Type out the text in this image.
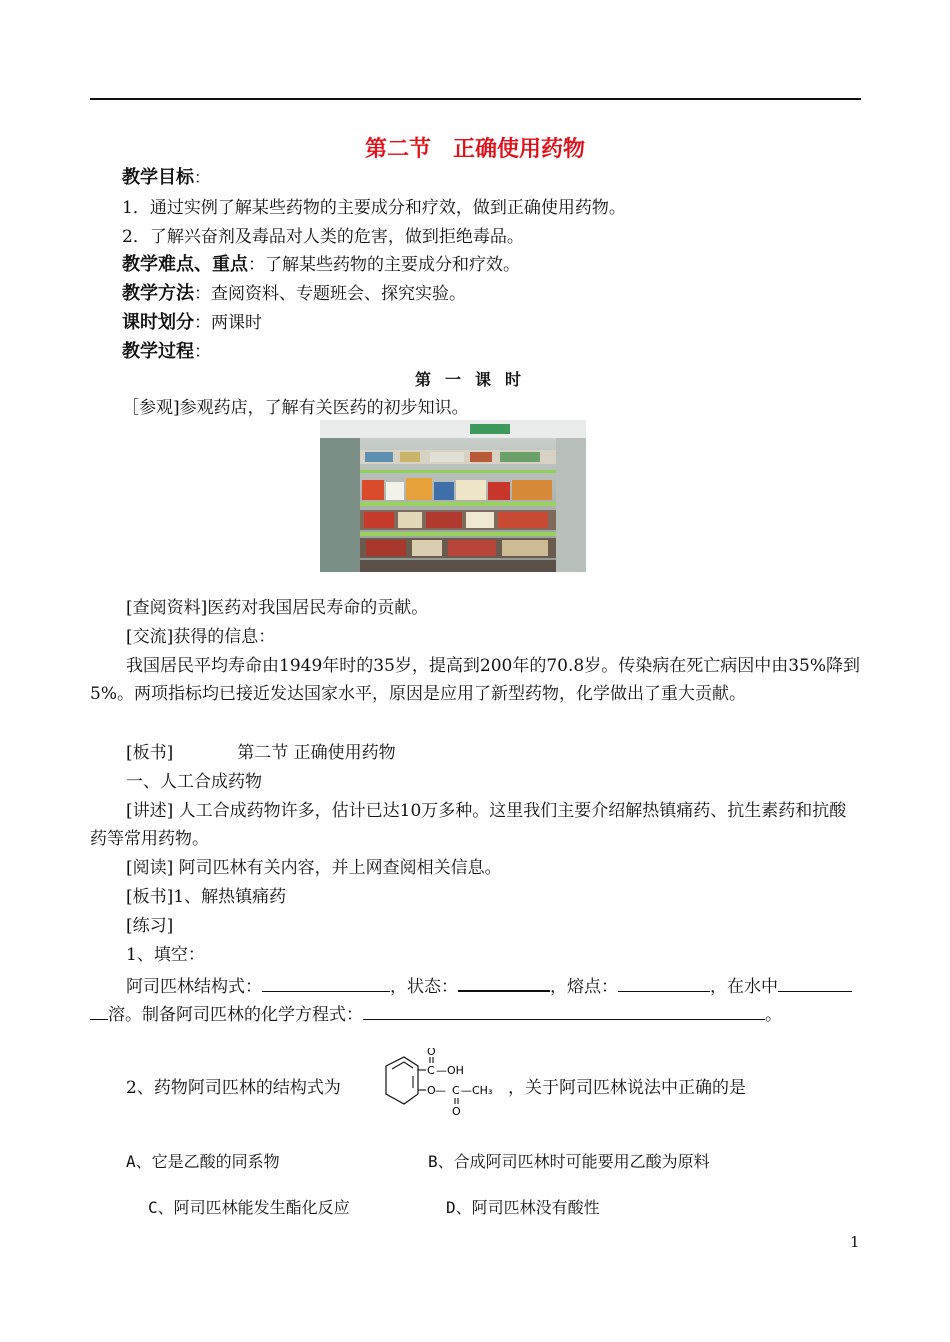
第二节　正确使用药物
教学目标：
1．通过实例了解某些药物的主要成分和疗效，做到正确使用药物。
2．了解兴奋剂及毒品对人类的危害，做到拒绝毒品。
教学难点、重点：了解某些药物的主要成分和疗效。
教学方法：查阅资料、专题班会、探究实验。
课时划分：两课时
教学过程：
第一课时
［参观]参观药店，了解有关医药的初步知识。
[查阅资料]医药对我国居民寿命的贡献。
[交流]获得的信息：
我国居民平均寿命由1949年时的35岁，提高到200年的70.8岁。传染病在死亡病因中由35%降到5%。两项指标均已接近发达国家水平，原因是应用了新型药物，化学做出了重大贡献。
[板书]	第二节 正确使用药物
一、人工合成药物
[讲述] 人工合成药物许多，估计已达10万多种。这里我们主要介绍解热镇痛药、抗生素药和抗酸药等常用药物。
[阅读] 阿司匹林有关内容，并上网查阅相关信息。
[板书]1、解热镇痛药
[练习]
1、填空：
阿司匹林结构式：	，状态：	，熔点：	，在水中
溶。制备阿司匹林的化学方程式：	。
2、药物阿司匹林的结构式为
O
C —OH
O — C —CH₃
O
，关于阿司匹林说法中正确的是
A、它是乙酸的同系物	B、合成阿司匹林时可能要用乙酸为原料
C、阿司匹林能发生酯化反应	D、阿司匹林没有酸性
1
